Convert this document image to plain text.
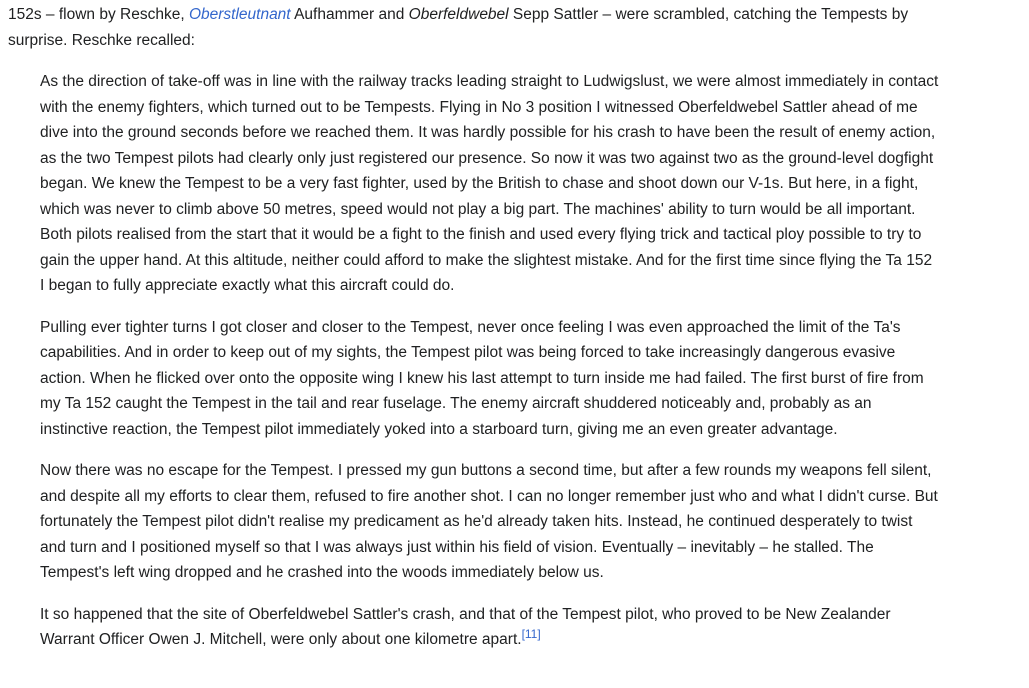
152s – flown by Reschke, Oberstleutnant Aufhammer and Oberfeldwebel Sepp Sattler – were scrambled, catching the Tempests by surprise. Reschke recalled:

As the direction of take-off was in line with the railway tracks leading straight to Ludwigslust, we were almost immediately in contact with the enemy fighters, which turned out to be Tempests. Flying in No 3 position I witnessed Oberfeldwebel Sattler ahead of me dive into the ground seconds before we reached them. It was hardly possible for his crash to have been the result of enemy action, as the two Tempest pilots had clearly only just registered our presence. So now it was two against two as the ground-level dogfight began. We knew the Tempest to be a very fast fighter, used by the British to chase and shoot down our V-1s. But here, in a fight, which was never to climb above 50 metres, speed would not play a big part. The machines' ability to turn would be all important. Both pilots realised from the start that it would be a fight to the finish and used every flying trick and tactical ploy possible to try to gain the upper hand. At this altitude, neither could afford to make the slightest mistake. And for the first time since flying the Ta 152 I began to fully appreciate exactly what this aircraft could do.

Pulling ever tighter turns I got closer and closer to the Tempest, never once feeling I was even approached the limit of the Ta's capabilities. And in order to keep out of my sights, the Tempest pilot was being forced to take increasingly dangerous evasive action. When he flicked over onto the opposite wing I knew his last attempt to turn inside me had failed. The first burst of fire from my Ta 152 caught the Tempest in the tail and rear fuselage. The enemy aircraft shuddered noticeably and, probably as an instinctive reaction, the Tempest pilot immediately yoked into a starboard turn, giving me an even greater advantage.

Now there was no escape for the Tempest. I pressed my gun buttons a second time, but after a few rounds my weapons fell silent, and despite all my efforts to clear them, refused to fire another shot. I can no longer remember just who and what I didn't curse. But fortunately the Tempest pilot didn't realise my predicament as he'd already taken hits. Instead, he continued desperately to twist and turn and I positioned myself so that I was always just within his field of vision. Eventually – inevitably – he stalled. The Tempest's left wing dropped and he crashed into the woods immediately below us.

It so happened that the site of Oberfeldwebel Sattler's crash, and that of the Tempest pilot, who proved to be New Zealander Warrant Officer Owen J. Mitchell, were only about one kilometre apart.[11]
